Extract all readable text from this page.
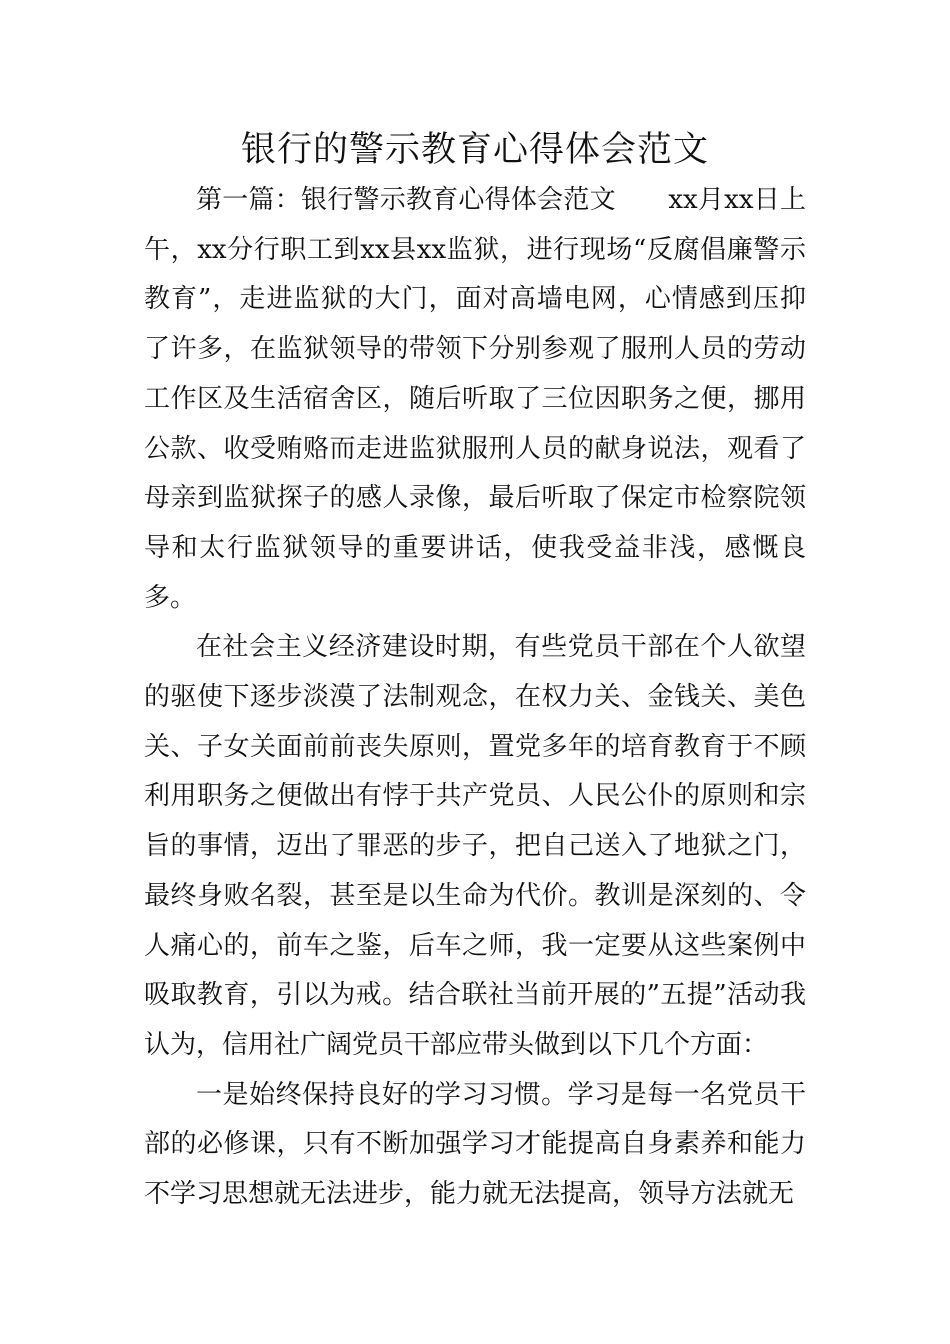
银行的警示教育心得体会范文

第一篇：银行警示教育心得体会范文　　xx月xx日上午，xx分行职工到xx县xx监狱，进行现场“反腐倡廉警示教育”，走进监狱的大门，面对高墙电网，心情感到压抑了许多，在监狱领导的带领下分别参观了服刑人员的劳动工作区及生活宿舍区，随后听取了三位因职务之便，挪用公款、收受贿赂而走进监狱服刑人员的献身说法，观看了母亲到监狱探子的感人录像，最后听取了保定市检察院领导和太行监狱领导的重要讲话，使我受益非浅，感慨良多。

在社会主义经济建设时期，有些党员干部在个人欲望的驱使下逐步淡漠了法制观念，在权力关、金钱关、美色关、子女关面前前丧失原则，置党多年的培育教育于不顾利用职务之便做出有悖于共产党员、人民公仆的原则和宗旨的事情，迈出了罪恶的步子，把自己送入了地狱之门，最终身败名裂，甚至是以生命为代价。教训是深刻的、令人痛心的，前车之鉴，后车之师，我一定要从这些案例中吸取教育，引以为戒。结合联社当前开展的”五提”活动我认为，信用社广阔党员干部应带头做到以下几个方面：

一是始终保持良好的学习习惯。学习是每一名党员干部的必修课，只有不断加强学习才能提高自身素养和能力不学习思想就无法进步，能力就无法提高，领导方法就无
